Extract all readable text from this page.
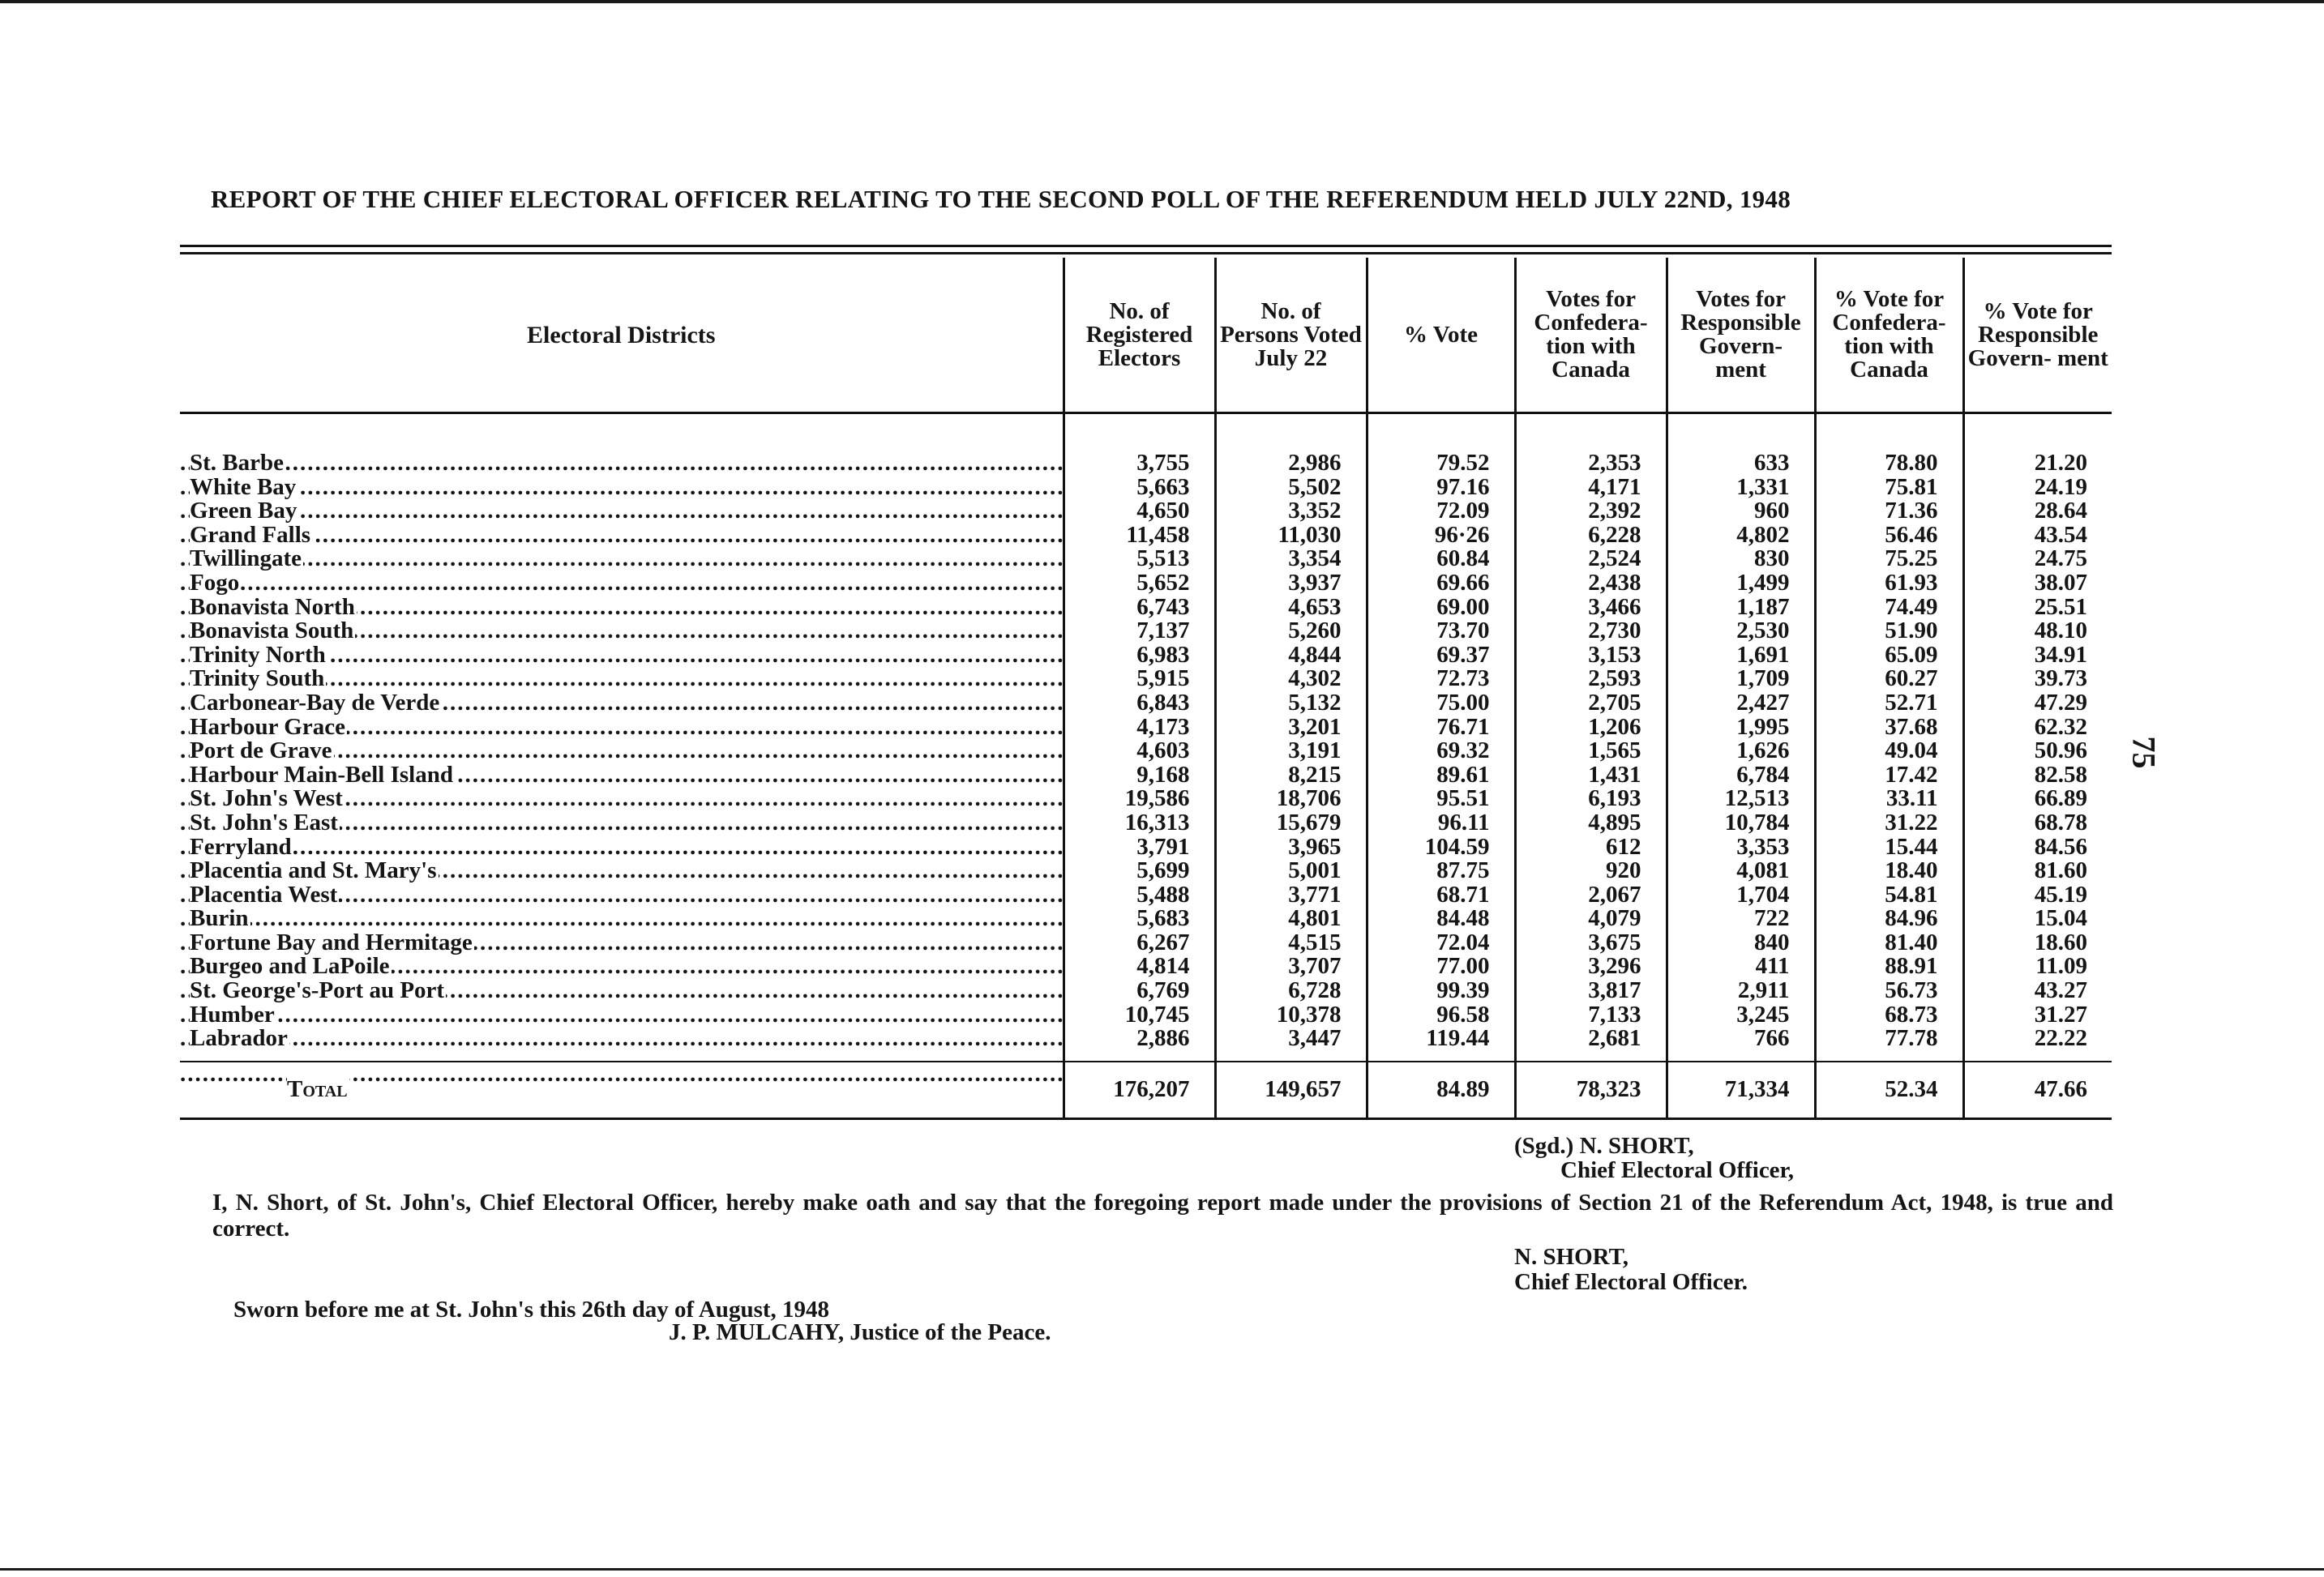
REPORT OF THE CHIEF ELECTORAL OFFICER RELATING TO THE SECOND POLL OF THE REFERENDUM HELD JULY 22ND, 1948
75
Electoral Districts	No. of Registered Electors	No. of Persons Voted July 22	% Vote	Votes for Confedera- tion with Canada	Votes for Responsible Govern- ment	% Vote for Confedera- tion with Canada	% Vote for Responsible Govern- ment

St. Barbe .....	3,755	2,986	79.52	2,353	633	78.80	21.20
White Bay .....	5,663	5,502	97.16	4,171	1,331	75.81	24.19
Green Bay .....	4,650	3,352	72.09	2,392	960	71.36	28.64
Grand Falls .....	11,458	11,030	96·26	6,228	4,802	56.46	43.54
Twillingate .....	5,513	3,354	60.84	2,524	830	75.25	24.75
Fogo .....	5,652	3,937	69.66	2,438	1,499	61.93	38.07
Bonavista North .....	6,743	4,653	69.00	3,466	1,187	74.49	25.51
Bonavista South .....	7,137	5,260	73.70	2,730	2,530	51.90	48.10
Trinity North .....	6,983	4,844	69.37	3,153	1,691	65.09	34.91
Trinity South .....	5,915	4,302	72.73	2,593	1,709	60.27	39.73
Carbonear-Bay de Verde .....	6,843	5,132	75.00	2,705	2,427	52.71	47.29
Harbour Grace .....	4,173	3,201	76.71	1,206	1,995	37.68	62.32
Port de Grave .....	4,603	3,191	69.32	1,565	1,626	49.04	50.96
Harbour Main-Bell Island .....	9,168	8,215	89.61	1,431	6,784	17.42	82.58
St. John's West .....	19,586	18,706	95.51	6,193	12,513	33.11	66.89
St. John's East .....	16,313	15,679	96.11	4,895	10,784	31.22	68.78
Ferryland .....	3,791	3,965	104.59	612	3,353	15.44	84.56
Placentia and St. Mary's .....	5,699	5,001	87.75	920	4,081	18.40	81.60
Placentia West .....	5,488	3,771	68.71	2,067	1,704	54.81	45.19
Burin .....	5,683	4,801	84.48	4,079	722	84.96	15.04
Fortune Bay and Hermitage .....	6,267	4,515	72.04	3,675	840	81.40	18.60
Burgeo and LaPoile .....	4,814	3,707	77.00	3,296	411	88.91	11.09
St. George's-Port au Port .....	6,769	6,728	99.39	3,817	2,911	56.73	43.27
Humber .....	10,745	10,378	96.58	7,133	3,245	68.73	31.27
Labrador .....	2,886	3,447	119.44	2,681	766	77.78	22.22
Total .....	176,207	149,657	84.89	78,323	71,334	52.34	47.66
(Sgd.) N. SHORT,
Chief Electoral Officer,
I, N. Short, of St. John's, Chief Electoral Officer, hereby make oath and say that the foregoing report made under the provisions of Section 21 of the Referendum Act, 1948, is true and correct.
N. SHORT,
Chief Electoral Officer.
Sworn before me at St. John's this 26th day of August, 1948
J. P. MULCAHY, Justice of the Peace.
